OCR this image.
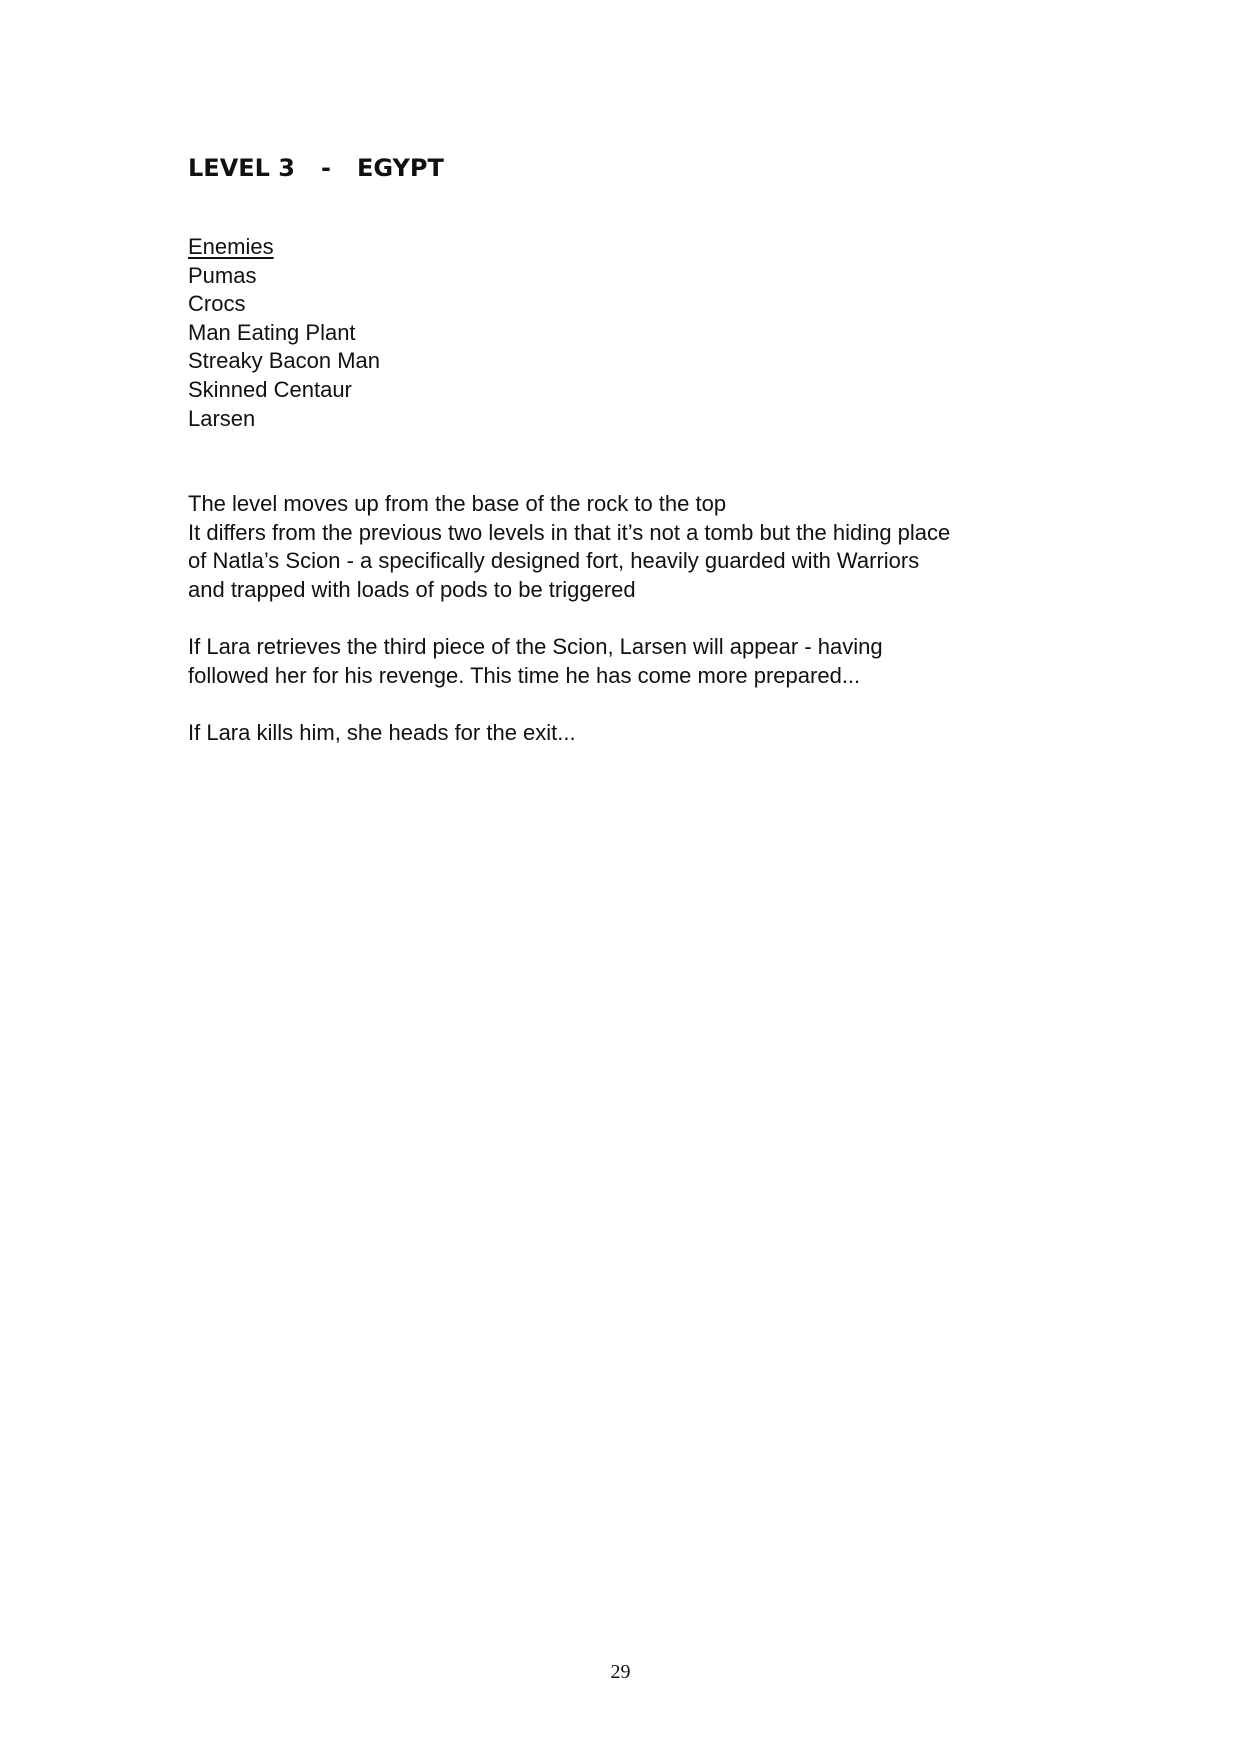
LEVEL 3 - EGYPT
Enemies
Pumas
Crocs
Man Eating Plant
Streaky Bacon Man
Skinned Centaur
Larsen

The level moves up from the base of the rock to the top
It differs from the previous two levels in that it’s not a tomb but the hiding place
of Natla’s Scion - a specifically designed fort, heavily guarded with Warriors
and trapped with loads of pods to be triggered

If Lara retrieves the third piece of the Scion, Larsen will appear - having
followed her for his revenge. This time he has come more prepared...

If Lara kills him, she heads for the exit...

29
